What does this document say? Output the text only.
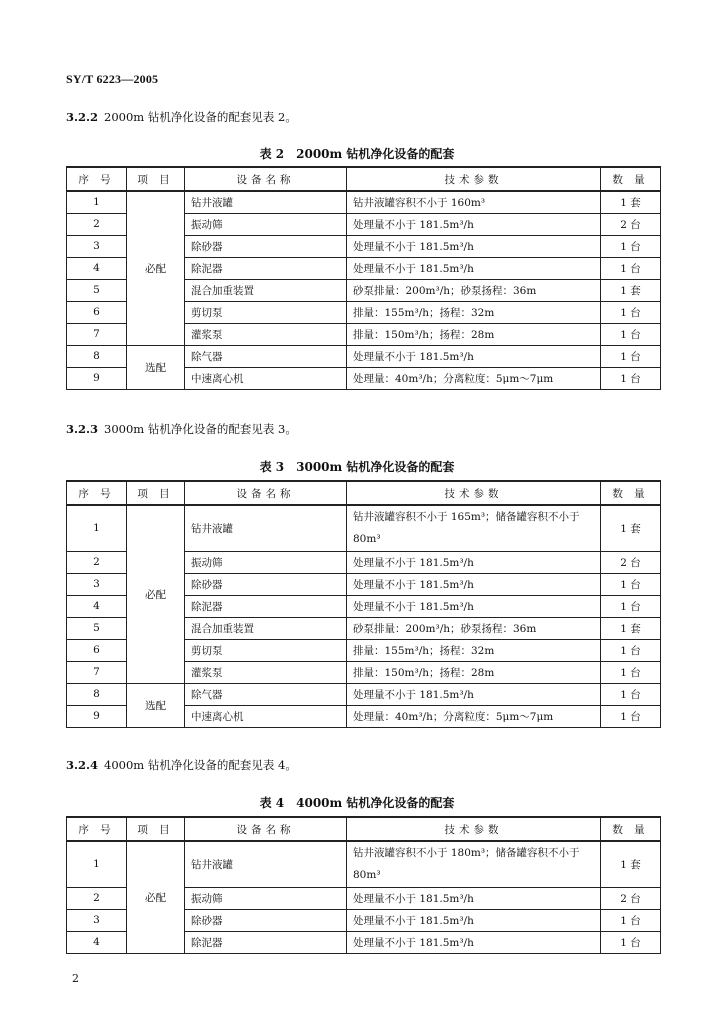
SY/T 6223—2005
3.2.2 2000m 钻机净化设备的配套见表 2。
表 2　2000m 钻机净化设备的配套
序 号	项 目	设备名称	技术参数	数 量
1	必配	钻井液罐	钻井液罐容积不小于 160m³	1 套
2		振动筛	处理量不小于 181.5m³/h	2 台
3		除砂器	处理量不小于 181.5m³/h	1 台
4		除泥器	处理量不小于 181.5m³/h	1 台
5		混合加重装置	砂泵排量：200m³/h；砂泵扬程：36m	1 套
6		剪切泵	排量：155m³/h；扬程：32m	1 台
7		灌浆泵	排量：150m³/h；扬程：28m	1 台
8	选配	除气器	处理量不小于 181.5m³/h	1 台
9		中速离心机	处理量：40m³/h；分离粒度：5μm～7μm	1 台
3.2.3 3000m 钻机净化设备的配套见表 3。
表 3　3000m 钻机净化设备的配套
序 号	项 目	设备名称	技术参数	数 量
1	必配	钻井液罐	钻井液罐容积不小于 165m³；储备罐容积不小于 80m³	1 套
2		振动筛	处理量不小于 181.5m³/h	2 台
3		除砂器	处理量不小于 181.5m³/h	1 台
4		除泥器	处理量不小于 181.5m³/h	1 台
5		混合加重装置	砂泵排量：200m³/h；砂泵扬程：36m	1 套
6		剪切泵	排量：155m³/h；扬程：32m	1 台
7		灌浆泵	排量：150m³/h；扬程：28m	1 台
8	选配	除气器	处理量不小于 181.5m³/h	1 台
9		中速离心机	处理量：40m³/h；分离粒度：5μm～7μm	1 台
3.2.4 4000m 钻机净化设备的配套见表 4。
表 4　4000m 钻机净化设备的配套
序 号	项 目	设备名称	技术参数	数 量
1	必配	钻井液罐	钻井液罐容积不小于 180m³；储备罐容积不小于 80m³	1 套
2		振动筛	处理量不小于 181.5m³/h	2 台
3		除砂器	处理量不小于 181.5m³/h	1 台
4		除泥器	处理量不小于 181.5m³/h	1 台
2
